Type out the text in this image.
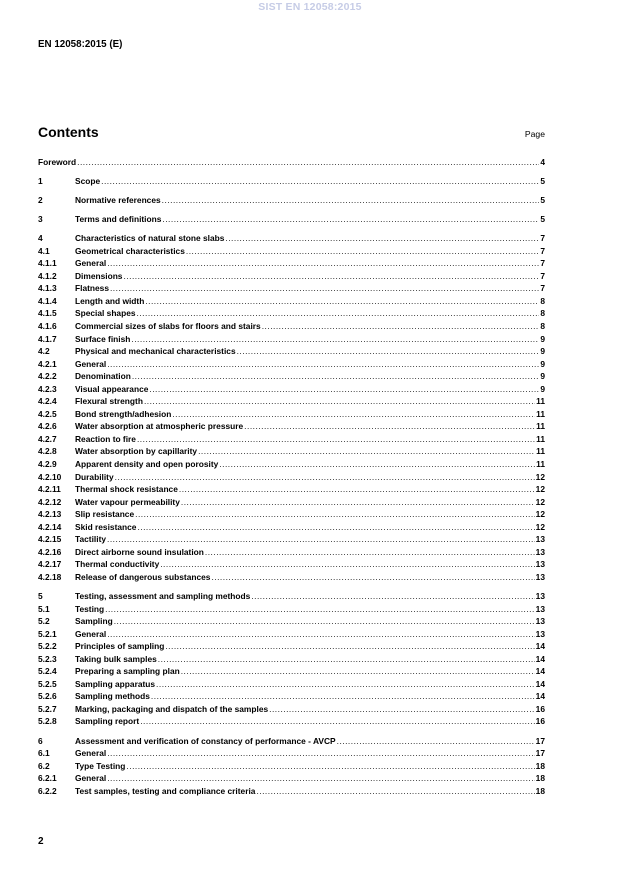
SIST EN 12058:2015
EN 12058:2015 (E)
Contents	Page
Foreword .....	4
1	Scope .....	5
2	Normative references .....	5
3	Terms and definitions .....	5
4	Characteristics of natural stone slabs .....	7
4.1	Geometrical characteristics .....	7
4.1.1	General .....	7
4.1.2	Dimensions .....	7
4.1.3	Flatness .....	7
4.1.4	Length and width .....	8
4.1.5	Special shapes .....	8
4.1.6	Commercial sizes of slabs for floors and stairs .....	8
4.1.7	Surface finish .....	9
4.2	Physical and mechanical characteristics .....	9
4.2.1	General .....	9
4.2.2	Denomination .....	9
4.2.3	Visual appearance .....	9
4.2.4	Flexural strength .....	11
4.2.5	Bond strength/adhesion .....	11
4.2.6	Water absorption at atmospheric pressure .....	11
4.2.7	Reaction to fire .....	11
4.2.8	Water absorption by capillarity .....	11
4.2.9	Apparent density and open porosity .....	11
4.2.10	Durability .....	12
4.2.11	Thermal shock resistance .....	12
4.2.12	Water vapour permeability .....	12
4.2.13	Slip resistance .....	12
4.2.14	Skid resistance .....	12
4.2.15	Tactility .....	13
4.2.16	Direct airborne sound insulation .....	13
4.2.17	Thermal conductivity .....	13
4.2.18	Release of dangerous substances .....	13
5	Testing, assessment and sampling methods .....	13
5.1	Testing .....	13
5.2	Sampling .....	13
5.2.1	General .....	13
5.2.2	Principles of sampling .....	14
5.2.3	Taking bulk samples .....	14
5.2.4	Preparing a sampling plan .....	14
5.2.5	Sampling apparatus .....	14
5.2.6	Sampling methods .....	14
5.2.7	Marking, packaging and dispatch of the samples .....	16
5.2.8	Sampling report .....	16
6	Assessment and verification of constancy of performance - AVCP .....	17
6.1	General .....	17
6.2	Type Testing .....	18
6.2.1	General .....	18
6.2.2	Test samples, testing and compliance criteria .....	18
2
